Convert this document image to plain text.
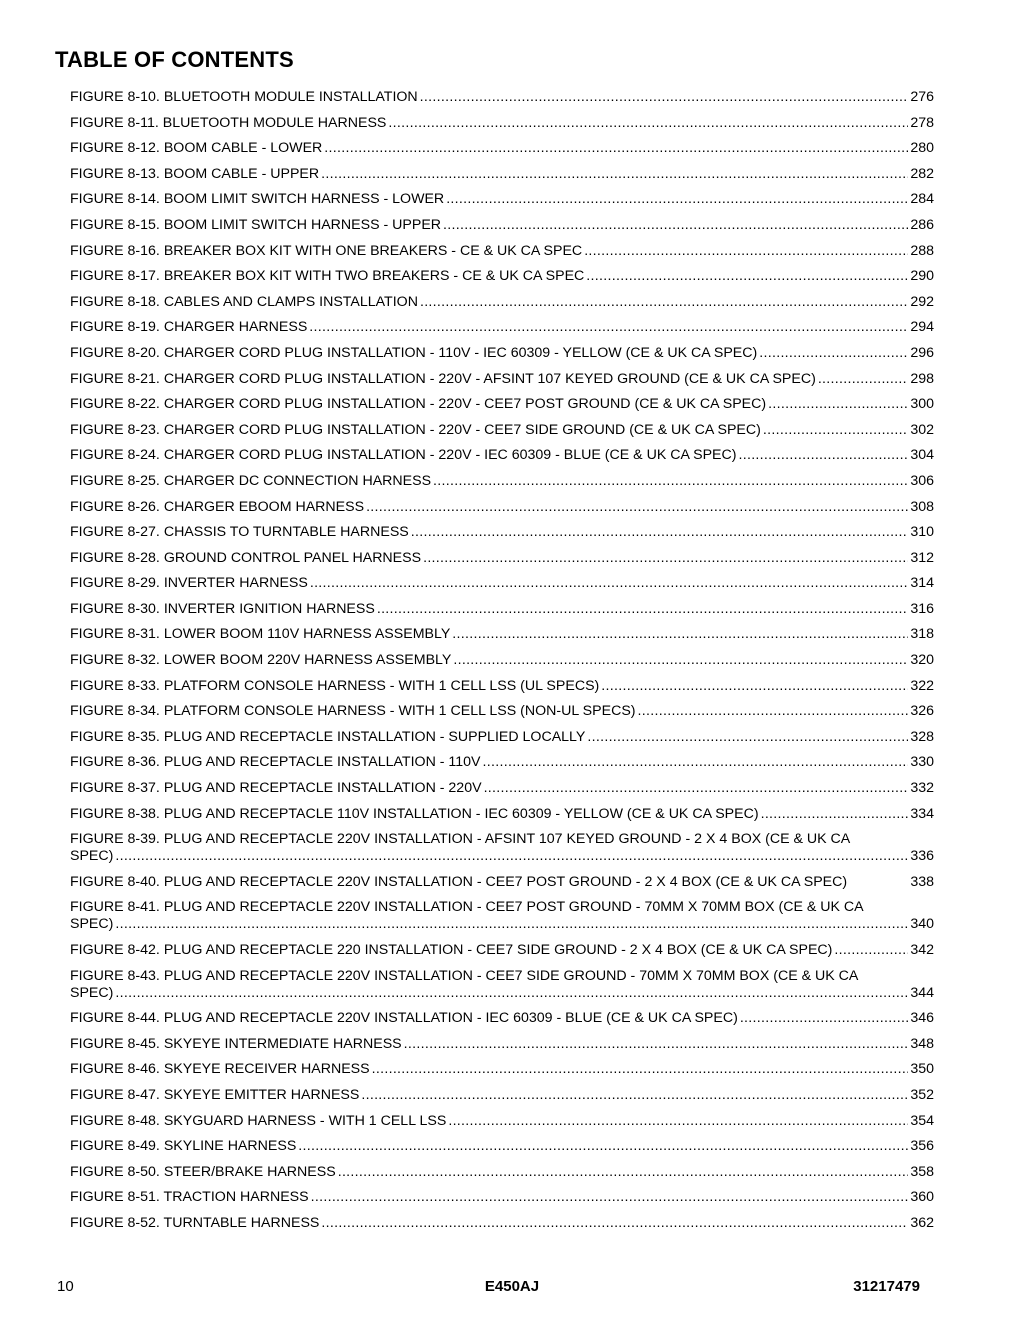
TABLE OF CONTENTS
FIGURE 8-10. BLUETOOTH MODULE INSTALLATION .....	276
FIGURE 8-11. BLUETOOTH MODULE HARNESS .....	278
FIGURE 8-12. BOOM CABLE - LOWER .....	280
FIGURE 8-13. BOOM CABLE - UPPER .....	282
FIGURE 8-14. BOOM LIMIT SWITCH HARNESS - LOWER .....	284
FIGURE 8-15. BOOM LIMIT SWITCH HARNESS - UPPER .....	286
FIGURE 8-16. BREAKER BOX KIT WITH ONE BREAKERS - CE & UK CA SPEC .....	288
FIGURE 8-17. BREAKER BOX KIT WITH TWO BREAKERS - CE & UK CA SPEC .....	290
FIGURE 8-18. CABLES AND CLAMPS INSTALLATION .....	292
FIGURE 8-19. CHARGER HARNESS .....	294
FIGURE 8-20. CHARGER CORD PLUG INSTALLATION - 110V - IEC 60309 - YELLOW (CE & UK CA SPEC) .....	296
FIGURE 8-21. CHARGER CORD PLUG INSTALLATION - 220V - AFSINT 107 KEYED GROUND (CE & UK CA SPEC) .....	298
FIGURE 8-22. CHARGER CORD PLUG INSTALLATION - 220V - CEE7 POST GROUND (CE & UK CA SPEC) .....	300
FIGURE 8-23. CHARGER CORD PLUG INSTALLATION - 220V - CEE7 SIDE GROUND (CE & UK CA SPEC) .....	302
FIGURE 8-24. CHARGER CORD PLUG INSTALLATION - 220V - IEC 60309 - BLUE (CE & UK CA SPEC) .....	304
FIGURE 8-25. CHARGER DC CONNECTION HARNESS .....	306
FIGURE 8-26. CHARGER EBOOM HARNESS .....	308
FIGURE 8-27. CHASSIS TO TURNTABLE HARNESS .....	310
FIGURE 8-28. GROUND CONTROL PANEL HARNESS .....	312
FIGURE 8-29. INVERTER HARNESS .....	314
FIGURE 8-30. INVERTER IGNITION HARNESS .....	316
FIGURE 8-31. LOWER BOOM 110V HARNESS ASSEMBLY .....	318
FIGURE 8-32. LOWER BOOM 220V HARNESS ASSEMBLY .....	320
FIGURE 8-33. PLATFORM CONSOLE HARNESS - WITH 1 CELL LSS (UL SPECS) .....	322
FIGURE 8-34. PLATFORM CONSOLE HARNESS - WITH 1 CELL LSS (NON-UL SPECS) .....	326
FIGURE 8-35. PLUG AND RECEPTACLE INSTALLATION - SUPPLIED LOCALLY .....	328
FIGURE 8-36. PLUG AND RECEPTACLE INSTALLATION - 110V .....	330
FIGURE 8-37. PLUG AND RECEPTACLE INSTALLATION - 220V .....	332
FIGURE 8-38. PLUG AND RECEPTACLE 110V INSTALLATION - IEC 60309 - YELLOW (CE & UK CA SPEC) .....	334
FIGURE 8-39. PLUG AND RECEPTACLE 220V INSTALLATION - AFSINT 107 KEYED GROUND - 2 X 4 BOX (CE & UK CA
SPEC) .....	336
FIGURE 8-40. PLUG AND RECEPTACLE 220V INSTALLATION - CEE7 POST GROUND - 2 X 4 BOX (CE & UK CA SPEC)	338
FIGURE 8-41. PLUG AND RECEPTACLE 220V INSTALLATION - CEE7 POST GROUND - 70MM X 70MM BOX (CE & UK CA
SPEC) .....	340
FIGURE 8-42. PLUG AND RECEPTACLE 220 INSTALLATION - CEE7 SIDE GROUND - 2 X 4 BOX (CE & UK CA SPEC) .....	342
FIGURE 8-43. PLUG AND RECEPTACLE 220V INSTALLATION - CEE7 SIDE GROUND - 70MM X 70MM BOX (CE & UK CA
SPEC) .....	344
FIGURE 8-44. PLUG AND RECEPTACLE 220V INSTALLATION - IEC 60309 - BLUE (CE & UK CA SPEC) .....	346
FIGURE 8-45. SKYEYE INTERMEDIATE HARNESS .....	348
FIGURE 8-46. SKYEYE RECEIVER HARNESS .....	350
FIGURE 8-47. SKYEYE EMITTER HARNESS .....	352
FIGURE 8-48. SKYGUARD HARNESS - WITH 1 CELL LSS .....	354
FIGURE 8-49. SKYLINE HARNESS .....	356
FIGURE 8-50. STEER/BRAKE HARNESS .....	358
FIGURE 8-51. TRACTION HARNESS .....	360
FIGURE 8-52. TURNTABLE HARNESS .....	362
10	E450AJ	31217479
